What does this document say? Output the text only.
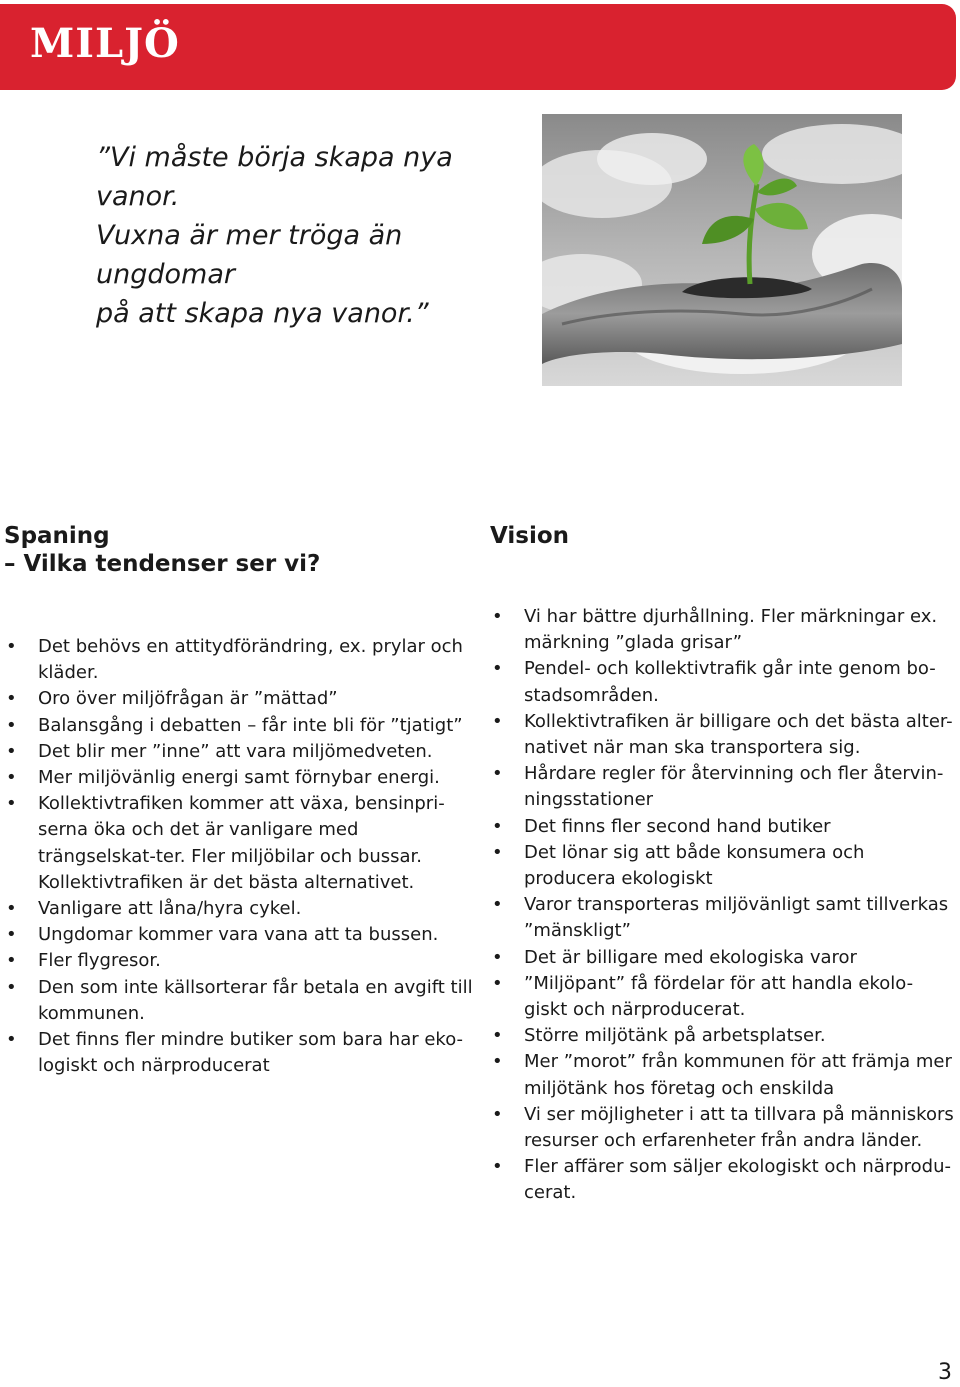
MILJÖ
”Vi måste börja skapa nya vanor.
Vuxna är mer tröga än ungdomar
på att skapa nya vanor.”
Spaning
– Vilka tendenser ser vi?
• Det behövs en attitydförändring, ex. prylar och kläder.
• Oro över miljöfrågan är ”mättad”
• Balansgång i debatten – får inte bli för ”tjatigt”
• Det blir mer ”inne” att vara miljömedveten.
• Mer miljövänlig energi samt förnybar energi.
• Kollektivtrafiken kommer att växa, bensinpri-serna öka och det är vanligare med trängselskat-ter. Fler miljöbilar och bussar. Kollektivtrafiken är det bästa alternativet.
• Vanligare att låna/hyra cykel.
• Ungdomar kommer vara vana att ta bussen.
• Fler flygresor.
• Den som inte källsorterar får betala en avgift till kommunen.
• Det finns fler mindre butiker som bara har eko-logiskt och närproducerat
Vision
• Vi har bättre djurhållning. Fler märkningar ex. märkning ”glada grisar”
• Pendel- och kollektivtrafik går inte genom bo-stadsområden.
• Kollektivtrafiken är billigare och det bästa alter-nativet när man ska transportera sig.
• Hårdare regler för återvinning och fler återvin-ningsstationer
• Det finns fler second hand butiker
• Det lönar sig att både konsumera och producera ekologiskt
• Varor transporteras miljövänligt samt tillverkas ”mänskligt”
• Det är billigare med ekologiska varor
• ”Miljöpant” få fördelar för att handla ekolo-giskt och närproducerat.
• Större miljötänk på arbetsplatser.
• Mer ”morot” från kommunen för att främja mer miljötänk hos företag och enskilda
• Vi ser möjligheter i att ta tillvara på människors resurser och erfarenheter från andra länder.
• Fler affärer som säljer ekologiskt och närprodu-cerat.
3
